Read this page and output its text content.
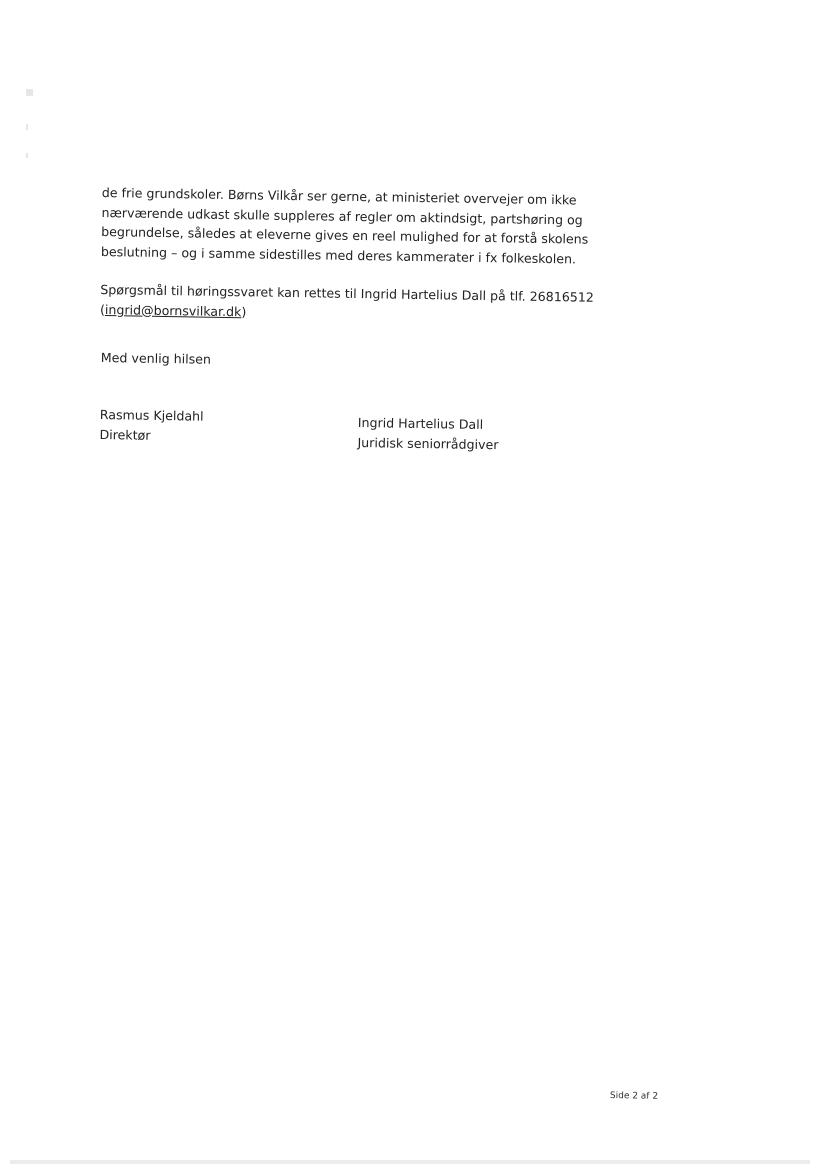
de frie grundskoler. Børns Vilkår ser gerne, at ministeriet overvejer om ikke
nærværende udkast skulle suppleres af regler om aktindsigt, partshøring og
begrundelse, således at eleverne gives en reel mulighed for at forstå skolens
beslutning – og i samme sidestilles med deres kammerater i fx folkeskolen.

Spørgsmål til høringssvaret kan rettes til Ingrid Hartelius Dall på tlf. 26816512
(ingrid@bornsvilkar.dk)

Med venlig hilsen
Rasmus Kjeldahl
Direktør
Ingrid Hartelius Dall
Juridisk seniorrådgiver
Side 2 af 2
